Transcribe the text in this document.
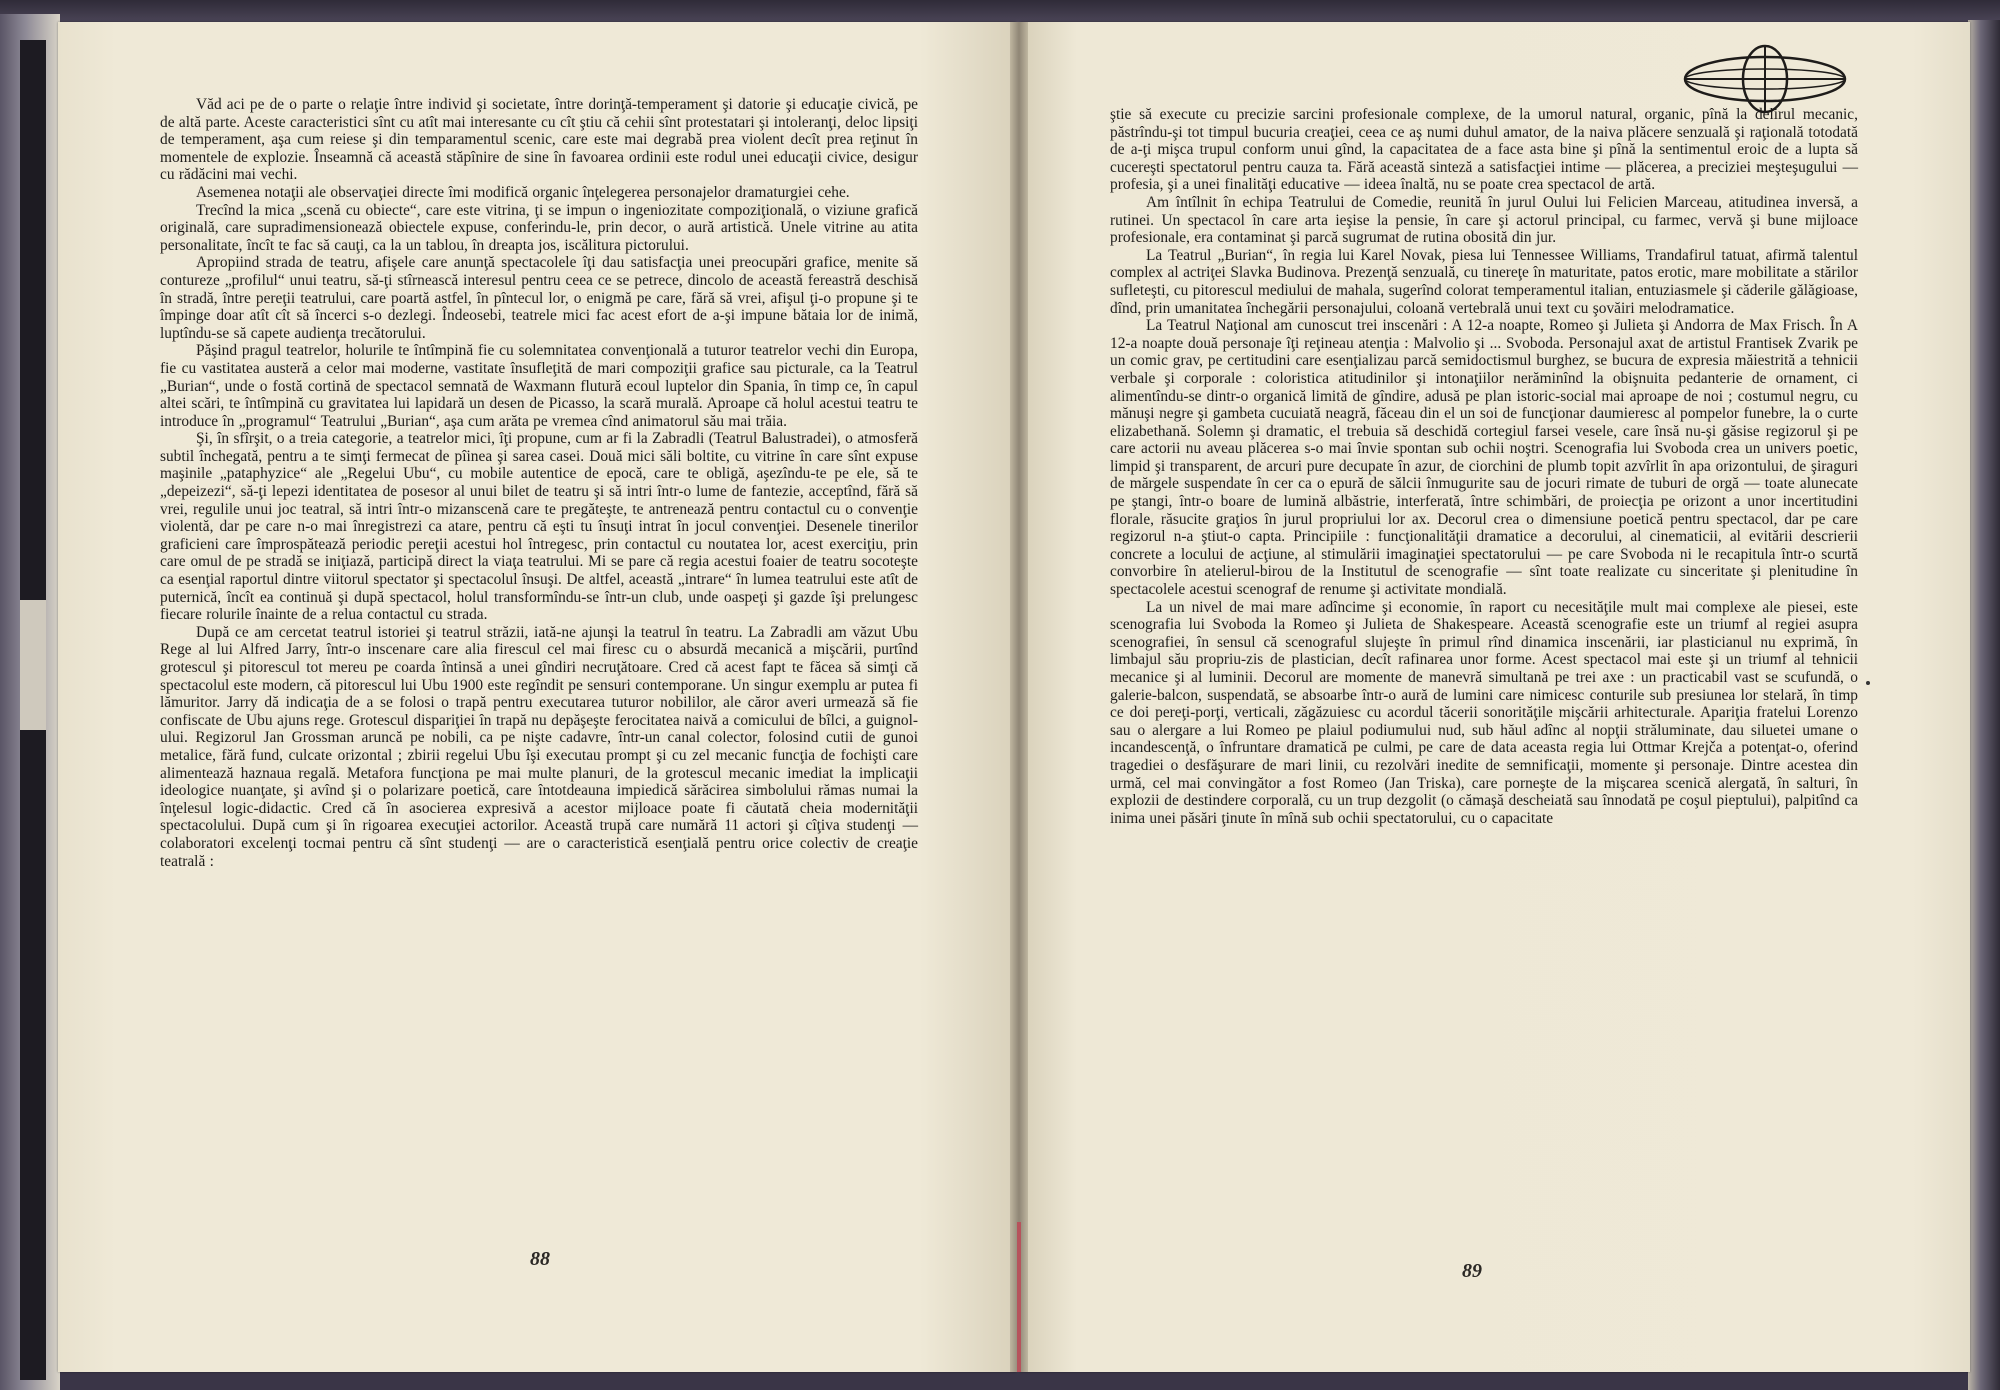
Văd aci pe de o parte o relaţie între individ şi societate, între dorinţă-temperament şi datorie şi educaţie civică, pe de altă parte. Aceste caracteristici sînt cu atît mai interesante cu cît ştiu că cehii sînt protestatari şi intoleranţi, deloc lipsiţi de temperament, aşa cum reiese şi din temparamentul scenic, care este mai degrabă prea violent decît prea reţinut în momentele de explozie. Înseamnă că această stăpînire de sine în favoarea ordinii este rodul unei educaţii civice, desigur cu rădăcini mai vechi.

Asemenea notaţii ale observaţiei directe îmi modifică organic înţelegerea personajelor dramaturgiei cehe.

Trecînd la mica „scenă cu obiecte“, care este vitrina, ţi se impun o ingeniozitate compoziţională, o viziune grafică originală, care supradimensionează obiectele expuse, conferindu-le, prin decor, o aură artistică. Unele vitrine au atita personalitate, încît te fac să cauţi, ca la un tablou, în dreapta jos, iscălitura pictorului.

Apropiind strada de teatru, afişele care anunţă spectacolele îţi dau satisfacţia unei preocupări grafice, menite să contureze „profilul“ unui teatru, să-ţi stîrnească interesul pentru ceea ce se petrece, dincolo de această fereastră deschisă în stradă, între pereţii teatrului, care poartă astfel, în pîntecul lor, o enigmă pe care, fără să vrei, afişul ţi-o propune şi te împinge doar atît cît să încerci s-o dezlegi. Îndeosebi, teatrele mici fac acest efort de a-şi impune bătaia lor de inimă, luptîndu-se să capete audienţa trecătorului.

Păşind pragul teatrelor, holurile te întîmpină fie cu solemnitatea convenţională a tuturor teatrelor vechi din Europa, fie cu vastitatea austeră a celor mai moderne, vastitate însufleţită de mari compoziţii grafice sau picturale, ca la Teatrul „Burian“, unde o fostă cortină de spectacol semnată de Waxmann flutură ecoul luptelor din Spania, în timp ce, în capul altei scări, te întîmpină cu gravitatea lui lapidară un desen de Picasso, la scară murală. Aproape că holul acestui teatru te introduce în „programul“ Teatrului „Burian“, aşa cum arăta pe vremea cînd animatorul său mai trăia.

Şi, în sfîrşit, o a treia categorie, a teatrelor mici, îţi propune, cum ar fi la Zabradli (Teatrul Balustradei), o atmosferă subtil închegată, pentru a te simţi fermecat de pîinea şi sarea casei. Două mici săli boltite, cu vitrine în care sînt expuse maşinile „pataphyzice“ ale „Regelui Ubu“, cu mobile autentice de epocă, care te obligă, aşezîndu-te pe ele, să te „depeizezi“, să-ţi lepezi identitatea de posesor al unui bilet de teatru şi să intri într-o lume de fantezie, acceptînd, fără să vrei, regulile unui joc teatral, să intri într-o mizanscenă care te pregăteşte, te antrenează pentru contactul cu o convenţie violentă, dar pe care n-o mai înregistrezi ca atare, pentru că eşti tu însuţi intrat în jocul convenţiei. Desenele tinerilor graficieni care împrospătează periodic pereţii acestui hol întregesc, prin contactul cu noutatea lor, acest exerciţiu, prin care omul de pe stradă se iniţiază, participă direct la viaţa teatrului. Mi se pare că regia acestui foaier de teatru socoteşte ca esenţial raportul dintre viitorul spectator şi spectacolul însuşi. De altfel, această „intrare“ în lumea teatrului este atît de puternică, încît ea continuă şi după spectacol, holul transformîndu-se într-un club, unde oaspeţi şi gazde îşi prelungesc fiecare rolurile înainte de a relua contactul cu strada.

După ce am cercetat teatrul istoriei şi teatrul străzii, iată-ne ajunşi la teatrul în teatru. La Zabradli am văzut Ubu Rege al lui Alfred Jarry, într-o inscenare care alia firescul cel mai firesc cu o absurdă mecanică a mişcării, purtînd grotescul şi pitorescul tot mereu pe coarda întinsă a unei gîndiri necruţătoare. Cred că acest fapt te făcea să simţi că spectacolul este modern, că pitorescul lui Ubu 1900 este regîndit pe sensuri contemporane. Un singur exemplu ar putea fi lămuritor. Jarry dă indicaţia de a se folosi o trapă pentru executarea tuturor nobililor, ale căror averi urmează să fie confiscate de Ubu ajuns rege. Grotescul dispariţiei în trapă nu depăşeşte ferocitatea naivă a comicului de bîlci, a guignol-ului. Regizorul Jan Grossman aruncă pe nobili, ca pe nişte cadavre, într-un canal colector, folosind cutii de gunoi metalice, fără fund, culcate orizontal ; zbirii regelui Ubu îşi executau prompt şi cu zel mecanic funcţia de fochişti care alimentează haznaua regală. Metafora funcţiona pe mai multe planuri, de la grotescul mecanic imediat la implicaţii ideologice nuanţate, şi avînd şi o polarizare poetică, care întotdeauna impiedică sărăcirea simbolului rămas numai la înţelesul logic-didactic. Cred că în asocierea expresivă a acestor mijloace poate fi căutată cheia modernităţii spectacolului. După cum şi în rigoarea execuţiei actorilor. Această trupă care numără 11 actori şi cîţiva studenţi — colaboratori excelenţi tocmai pentru că sînt studenţi — are o caracteristică esenţială pentru orice colectiv de creaţie teatrală :

ştie să execute cu precizie sarcini profesionale complexe, de la umorul natural, organic, pînă la delirul mecanic, păstrîndu-şi tot timpul bucuria creaţiei, ceea ce aş numi duhul amator, de la naiva plăcere senzuală şi raţională totodată de a-ţi mişca trupul conform unui gînd, la capacitatea de a face asta bine şi pînă la sentimentul eroic de a lupta să cucereşti spectatorul pentru cauza ta. Fără această sinteză a satisfacţiei intime — plăcerea, a preciziei meşteşugului — profesia, şi a unei finalităţi educative — ideea înaltă, nu se poate crea spectacol de artă.

Am întîlnit în echipa Teatrului de Comedie, reunită în jurul Oului lui Felicien Marceau, atitudinea inversă, a rutinei. Un spectacol în care arta ieşise la pensie, în care şi actorul principal, cu farmec, vervă şi bune mijloace profesionale, era contaminat şi parcă sugrumat de rutina obosită din jur.

La Teatrul „Burian“, în regia lui Karel Novak, piesa lui Tennessee Williams, Trandafirul tatuat, afirmă talentul complex al actriţei Slavka Budinova. Prezenţă senzuală, cu tinereţe în maturitate, patos erotic, mare mobilitate a stărilor sufleteşti, cu pitorescul mediului de mahala, sugerînd colorat temperamentul italian, entuziasmele şi căderile gălăgioase, dînd, prin umanitatea închegării personajului, coloană vertebrală unui text cu şovăiri melodramatice.

La Teatrul Naţional am cunoscut trei inscenări : A 12-a noapte, Romeo şi Julieta şi Andorra de Max Frisch. În A 12-a noapte două personaje îţi reţineau atenţia : Malvolio şi ... Svoboda. Personajul axat de artistul Frantisek Zvarik pe un comic grav, pe certitudini care esenţializau parcă semidoctismul burghez, se bucura de expresia măiestrită a tehnicii verbale şi corporale : coloristica atitudinilor şi intonaţiilor nerăminînd la obişnuita pedanterie de ornament, ci alimentîndu-se dintr-o organică limită de gîndire, adusă pe plan istoric-social mai aproape de noi ; costumul negru, cu mănuşi negre şi gambeta cucuiată neagră, făceau din el un soi de funcţionar daumieresc al pompelor funebre, la o curte elizabethană. Solemn şi dramatic, el trebuia să deschidă cortegiul farsei vesele, care însă nu-şi găsise regizorul şi pe care actorii nu aveau plăcerea s-o mai învie spontan sub ochii noştri. Scenografia lui Svoboda crea un univers poetic, limpid şi transparent, de arcuri pure decupate în azur, de ciorchini de plumb topit azvîrlit în apa orizontului, de şiraguri de mărgele suspendate în cer ca o epură de sălcii înmugurite sau de jocuri rimate de tuburi de orgă — toate alunecate pe ştangi, într-o boare de lumină albăstrie, interferată, între schimbări, de proiecţia pe orizont a unor incertitudini florale, răsucite graţios în jurul propriului lor ax. Decorul crea o dimensiune poetică pentru spectacol, dar pe care regizorul n-a ştiut-o capta. Principiile : funcţionalităţii dramatice a decorului, al cinematicii, al evitării descrierii concrete a locului de acţiune, al stimulării imaginaţiei spectatorului — pe care Svoboda ni le recapitula într-o scurtă convorbire în atelierul-birou de la Institutul de scenografie — sînt toate realizate cu sinceritate şi plenitudine în spectacolele acestui scenograf de renume şi activitate mondială.

La un nivel de mai mare adîncime şi economie, în raport cu necesităţile mult mai complexe ale piesei, este scenografia lui Svoboda la Romeo şi Julieta de Shakespeare. Această scenografie este un triumf al regiei asupra scenografiei, în sensul că scenograful slujeşte în primul rînd dinamica inscenării, iar plasticianul nu exprimă, în limbajul său propriu-zis de plastician, decît rafinarea unor forme. Acest spectacol mai este şi un triumf al tehnicii mecanice şi al luminii. Decorul are momente de manevră simultană pe trei axe : un practicabil vast se scufundă, o galerie-balcon, suspendată, se absoarbe într-o aură de lumini care nimicesc conturile sub presiunea lor stelară, în timp ce doi pereţi-porţi, verticali, zăgăzuiesc cu acordul tăcerii sonorităţile mişcării arhitecturale. Apariţia fratelui Lorenzo sau o alergare a lui Romeo pe plaiul podiumului nud, sub hăul adînc al nopţii străluminate, dau siluetei umane o incandescenţă, o înfruntare dramatică pe culmi, pe care de data aceasta regia lui Ottmar Krejča a potenţat-o, oferind tragediei o desfăşurare de mari linii, cu rezolvări inedite de semnificaţii, momente şi personaje. Dintre acestea din urmă, cel mai convingător a fost Romeo (Jan Triska), care porneşte de la mişcarea scenică alergată, în salturi, în explozii de destindere corporală, cu un trup dezgolit (o cămaşă descheiată sau înnodată pe coşul pieptului), palpitînd ca inima unei păsări ţinute în mînă sub ochii spectatorului, cu o capacitate

88
89
